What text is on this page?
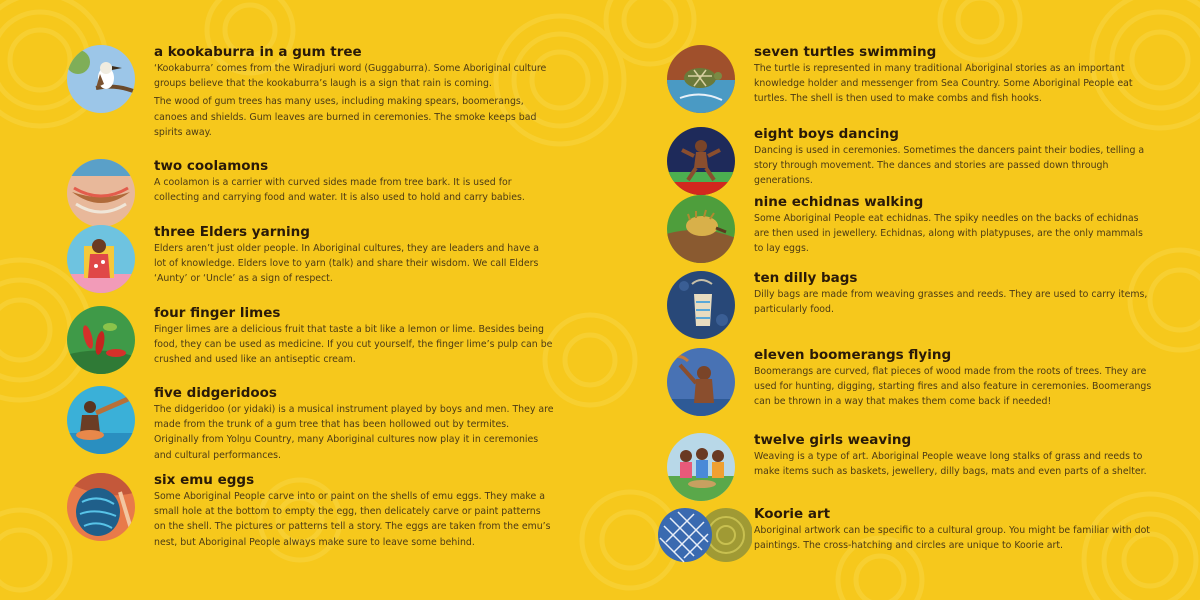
a kookaburra in a gum tree

‘Kookaburra’ comes from the Wiradjuri word (Guggaburra). Some Aboriginal culture groups believe that the kookaburra’s laugh is a sign that rain is coming.

The wood of gum trees has many uses, including making spears, boomerangs, canoes and shields. Gum leaves are burned in ceremonies. The smoke keeps bad spirits away.

two coolamons

A coolamon is a carrier with curved sides made from tree bark. It is used for collecting and carrying food and water. It is also used to hold and carry babies.

three Elders yarning

Elders aren’t just older people. In Aboriginal cultures, they are leaders and have a lot of knowledge. Elders love to yarn (talk) and share their wisdom. We call Elders ‘Aunty’ or ‘Uncle’ as a sign of respect.

four finger limes

Finger limes are a delicious fruit that taste a bit like a lemon or lime. Besides being food, they can be used as medicine. If you cut yourself, the finger lime’s pulp can be crushed and used like an antiseptic cream.

five didgeridoos

The didgeridoo (or yidaki) is a musical instrument played by boys and men. They are made from the trunk of a gum tree that has been hollowed out by termites. Originally from Yolŋu Country, many Aboriginal cultures now play it in ceremonies and cultural performances.

six emu eggs

Some Aboriginal People carve into or paint on the shells of emu eggs. They make a small hole at the bottom to empty the egg, then delicately carve or paint patterns on the shell. The pictures or patterns tell a story. The eggs are taken from the emu’s nest, but Aboriginal People always make sure to leave some behind.

seven turtles swimming

The turtle is represented in many traditional Aboriginal stories as an important knowledge holder and messenger from Sea Country. Some Aboriginal People eat turtles. The shell is then used to make combs and fish hooks.

eight boys dancing

Dancing is used in ceremonies. Sometimes the dancers paint their bodies, telling a story through movement. The dances and stories are passed down through generations.

nine echidnas walking

Some Aboriginal People eat echidnas. The spiky needles on the backs of echidnas are then used in jewellery. Echidnas, along with platypuses, are the only mammals to lay eggs.

ten dilly bags

Dilly bags are made from weaving grasses and reeds. They are used to carry items, particularly food.

eleven boomerangs flying

Boomerangs are curved, flat pieces of wood made from the roots of trees. They are used for hunting, digging, starting fires and also feature in ceremonies. Boomerangs can be thrown in a way that makes them come back if needed!

twelve girls weaving

Weaving is a type of art. Aboriginal People weave long stalks of grass and reeds to make items such as baskets, jewellery, dilly bags, mats and even parts of a shelter.

Koorie art

Aboriginal artwork can be specific to a cultural group. You might be familiar with dot paintings. The cross-hatching and circles are unique to Koorie art.
